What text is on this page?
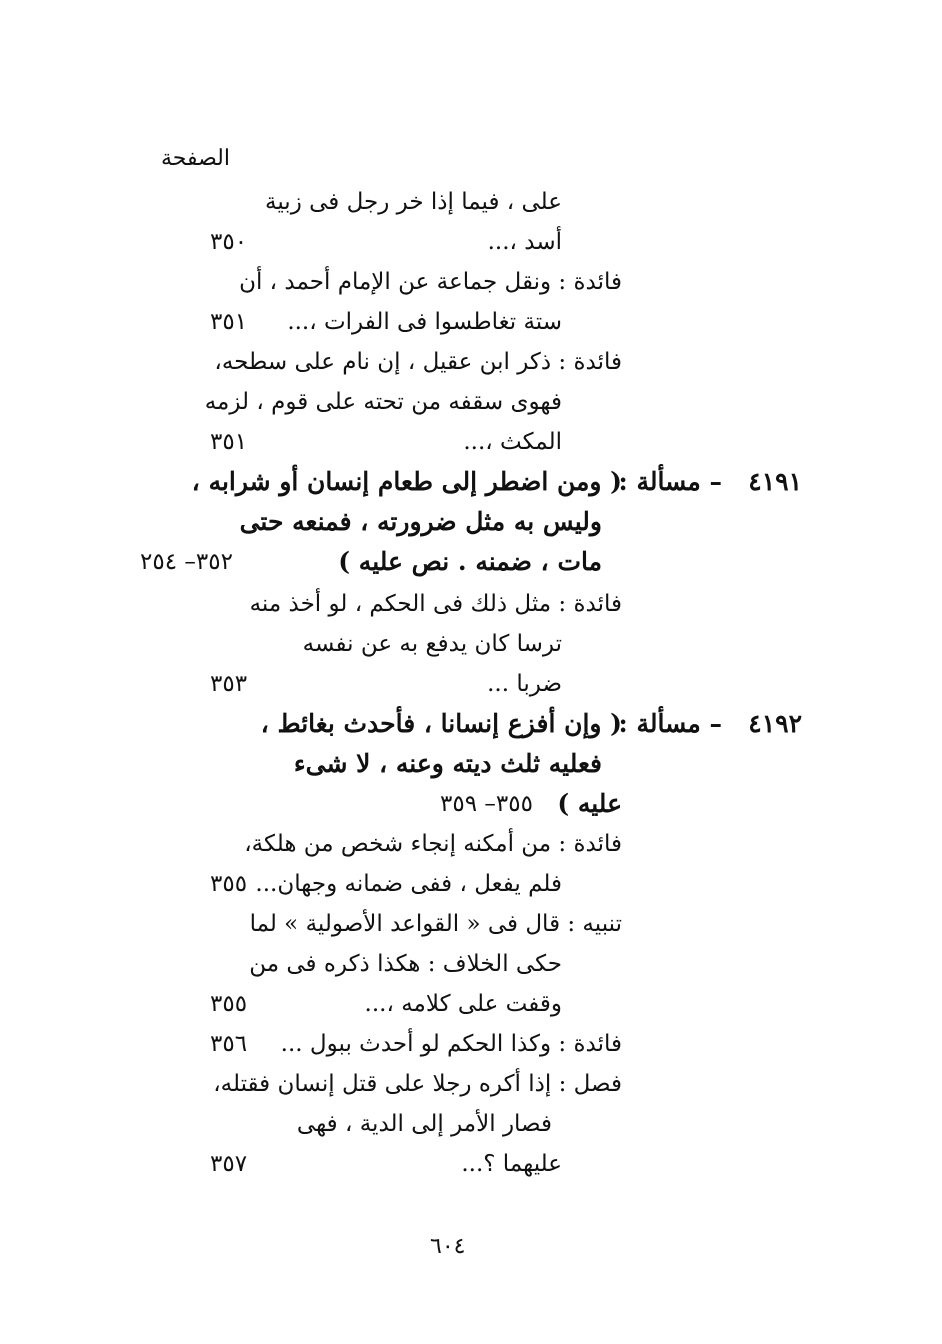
الصفحة
على ، فيما إذا خر رجل فى زبية
أسد ،...
٣٥٠
فائدة : ونقل جماعة عن الإمام أحمد ، أن
ستة تغاطسوا فى الفرات ،...
٣٥١
فائدة : ذكر ابن عقيل ، إن نام على سطحه،
فهوى سقفه من تحته على قوم ، لزمه
المكث ،...
٣٥١
٤١٩١
– مسألة :
( ومن اضطر إلى طعام إنسان أو شرابه ،
وليس به مثل ضرورته ، فمنعه حتى
مات ، ضمنه . نص عليه )
٣٥٢– ٢٥٤
فائدة : مثل ذلك فى الحكم ، لو أخذ منه
ترسا كان يدفع به عن نفسه
ضربا ...
٣٥٣
٤١٩٢
– مسألة :
( وإن أفزع إنسانا ، فأحدث بغائط ،
فعليه ثلث ديته وعنه ، لا شىء
عليه )
٣٥٥– ٣٥٩
فائدة : من أمكنه إنجاء شخص من هلكة،
فلم يفعل ، ففى ضمانه وجهان...
٣٥٥
تنبيه : قال فى « القواعد الأصولية » لما
حكى الخلاف : هكذا ذكره فى من
وقفت على كلامه ،...
٣٥٥
فائدة : وكذا الحكم لو أحدث ببول ...
٣٥٦
فصل : إذا أكره رجلا على قتل إنسان فقتله،
فصار الأمر إلى الدية ، فهى
عليهما ؟...
٣٥٧
٦٠٤
